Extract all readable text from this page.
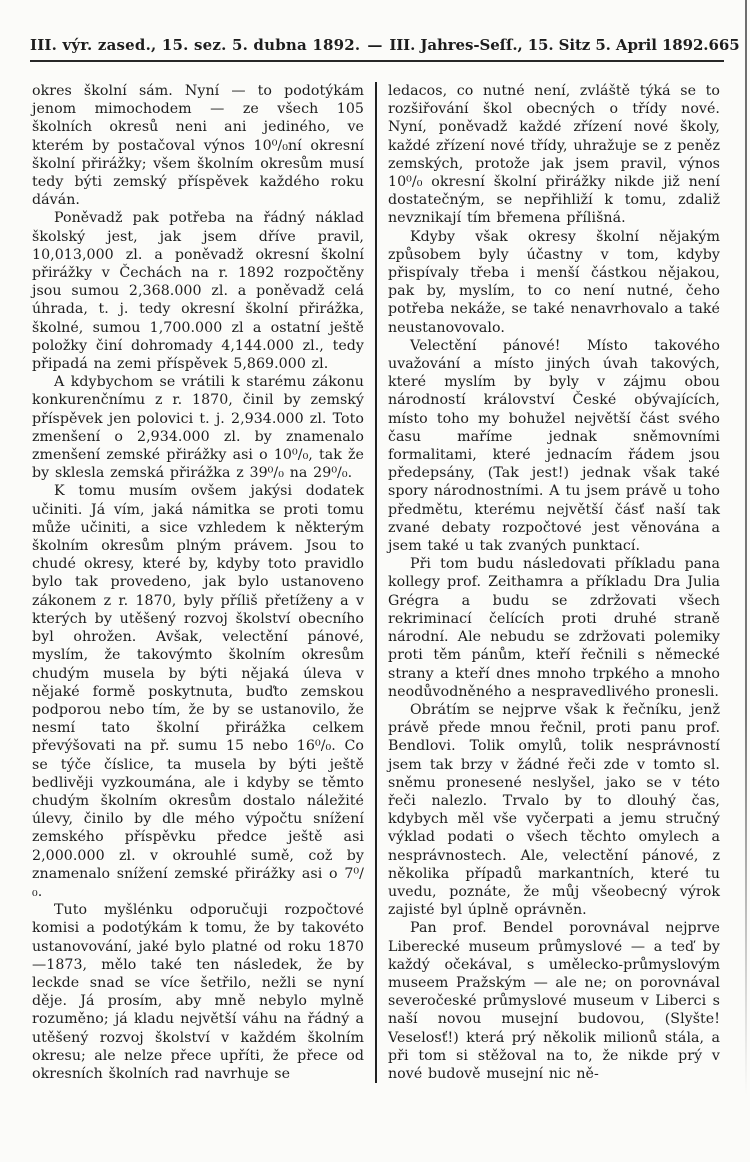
III. výr. zased., 15. sez. 5. dubna 1892. — III. Jahres-Seſſ., 15. Sitz 5. April 1892. 665

okres školní sám. Nyní — to podotýkám jenom mimochodem — ze všech 105 školních okresů neni ani jediného, ve kterém by postačoval výnos 10⁰/₀ní okresní školní přirážky; všem školním okresům musí tedy býti zemský příspěvek každého roku dáván.

Poněvadž pak potřeba na řádný náklad školský jest, jak jsem dříve pravil, 10,013,000 zl. a poněvadž okresní školní přirážky v Čechách na r. 1892 rozpočtěny jsou sumou 2,368.000 zl. a poněvadž celá úhrada, t. j. tedy okresní školní přirážka, školné, sumou 1,700.000 zl a ostatní ještě položky činí dohromady 4,144.000 zl., tedy připadá na zemi příspěvek 5,869.000 zl.

A kdybychom se vrátili k starému zákonu konkurenčnímu z r. 1870, činil by zemský příspěvek jen polovici t. j. 2,934.000 zl. Toto zmenšení o 2,934.000 zl. by znamenalo zmenšení zemské přirážky asi o 10⁰/₀, tak že by sklesla zemská přirážka z 39⁰/₀ na 29⁰/₀.

K tomu musím ovšem jakýsi dodatek učiniti. Já vím, jaká námitka se proti tomu může učiniti, a sice vzhledem k některým školním okresům plným právem. Jsou to chudé okresy, které by, kdyby toto pravidlo bylo tak provedeno, jak bylo ustanoveno zákonem z r. 1870, byly příliš přetíženy a v kterých by utěšený rozvoj školství obecního byl ohrožen. Avšak, velectění pánové, myslím, že takovýmto školním okresům chudým musela by býti nějaká úleva v nějaké formě poskytnuta, buďto zemskou podporou nebo tím, že by se ustanovilo, že nesmí tato školní přirážka celkem převýšovati na př. sumu 15 nebo 16⁰/₀. Co se týče číslice, ta musela by býti ještě bedlivěji vyzkoumána, ale i kdyby se těmto chudým školním okresům dostalo náležité úlevy, činilo by dle mého výpočtu snížení zemského příspěvku předce ještě asi 2,000.000 zl. v okrouhlé sumě, což by znamenalo snížení zemské přirážky asi o 7⁰/₀.

Tuto myšlénku odporučuji rozpočtové komisi a podotýkám k tomu, že by takovéto ustanovování, jaké bylo platné od roku 1870—1873, mělo také ten následek, že by leckde snad se více šetřilo, nežli se nyní děje. Já prosím, aby mně nebylo mylně rozuměno; já kladu největší váhu na řádný a utěšený rozvoj školství v každém školním okresu; ale nelze přece upříti, že přece od okresních školních rad navrhuje se

ledacos, co nutné není, zvláště týká se to rozšiřování škol obecných o třídy nové. Nyní, poněvadž každé zřízení nové školy, každé zřízení nové třídy, uhražuje se z peněz zemských, protože jak jsem pravil, výnos 10⁰/₀ okresní školní přirážky nikde již není dostatečným, se nepřihliží k tomu, zdaliž nevznikají tím břemena přílišná.

Kdyby však okresy školní nějakým způsobem byly účastny v tom, kdyby přispívaly třeba i menší částkou nějakou, pak by, myslím, to co není nutné, čeho potřeba nekáže, se také nenavrhovalo a také neustanovovalo.

Velectění pánové! Místo takového uvažování a místo jiných úvah takových, které myslím by byly v zájmu obou národností království České obývajících, místo toho my bohužel největší část svého času maříme jednak sněmovními formalitami, které jednacím řádem jsou předepsány, (Tak jest!) jednak však také spory národnostními. A tu jsem právě u toho předmětu, kterému největší čásť naší tak zvané debaty rozpočtové jest věnována a jsem také u tak zvaných punktací.

Při tom budu následovati příkladu pana kollegy prof. Zeithamra a příkladu Dra Julia Grégra a budu se zdržovati všech rekriminací čelících proti druhé straně národní. Ale nebudu se zdržovati polemiky proti těm pánům, kteří řečnili s německé strany a kteří dnes mnoho trpkého a mnoho neodůvodněného a nespravedlivého pronesli.

Obrátím se nejprve však k řečníku, jenž právě přede mnou řečnil, proti panu prof. Bendlovi. Tolik omylů, tolik nesprávností jsem tak brzy v žádné řeči zde v tomto sl. sněmu pronesené neslyšel, jako se v této řeči nalezlo. Trvalo by to dlouhý čas, kdybych měl vše vyčerpati a jemu stručný výklad podati o všech těchto omylech a nesprávnostech. Ale, velectění pánové, z několika případů markantních, které tu uvedu, poznáte, že můj všeobecný výrok zajisté byl úplně oprávněn.

Pan prof. Bendel porovnával nejprve Liberecké museum průmyslové — a teď by každý očekával, s umělecko-průmyslovým museem Pražským — ale ne; on porovnával severočeské průmyslové museum v Liberci s naší novou musejní budovou, (Slyšte! Veselosť!) která prý několik milionů stála, a při tom si stěžoval na to, že nikde prý v nové budově musejní nic ně-
